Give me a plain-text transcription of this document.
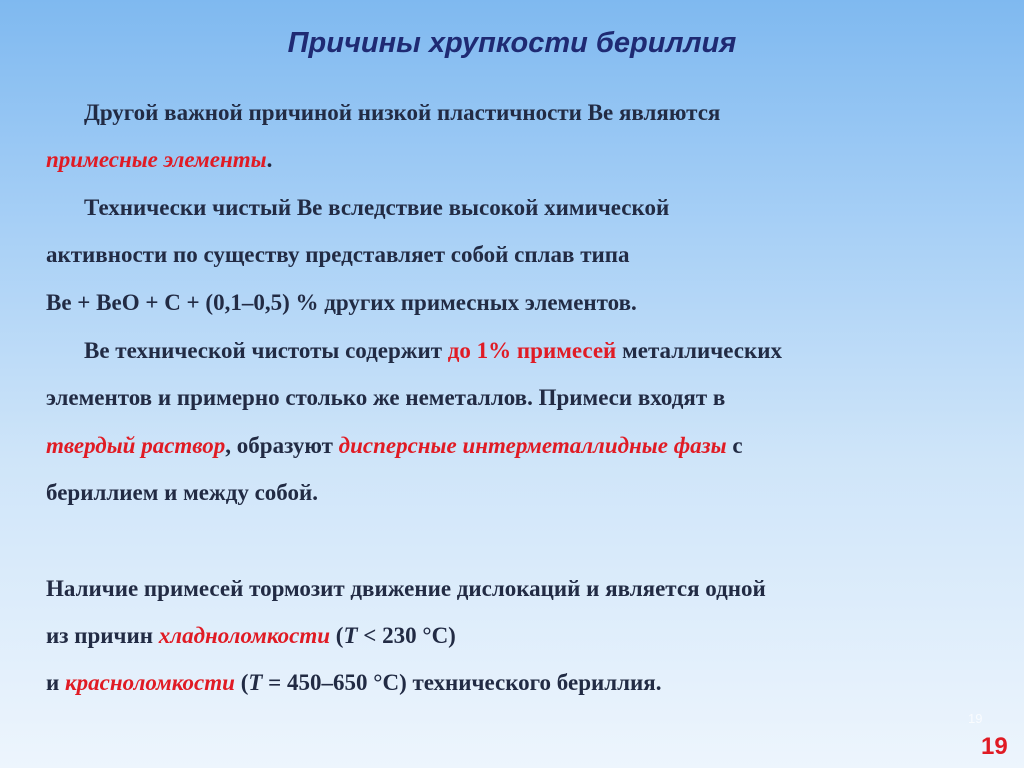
Причины хрупкости бериллия
Другой важной причиной низкой пластичности Be являются
примесные элементы.
Технически чистый Be вследствие высокой химической
активности по существу представляет собой сплав типа
Be + BeO + C + (0,1–0,5) % других примесных элементов.
Be технической чистоты содержит до 1% примесей металлических
элементов и примерно столько же неметаллов. Примеси входят в
твердый раствор, образуют дисперсные интерметаллидные фазы с
бериллием и между собой.
Наличие примесей тормозит движение дислокаций и является одной
из причин хладноломкости (T < 230 °C)
и красноломкости (T = 450–650 °C) технического бериллия.
19
19
